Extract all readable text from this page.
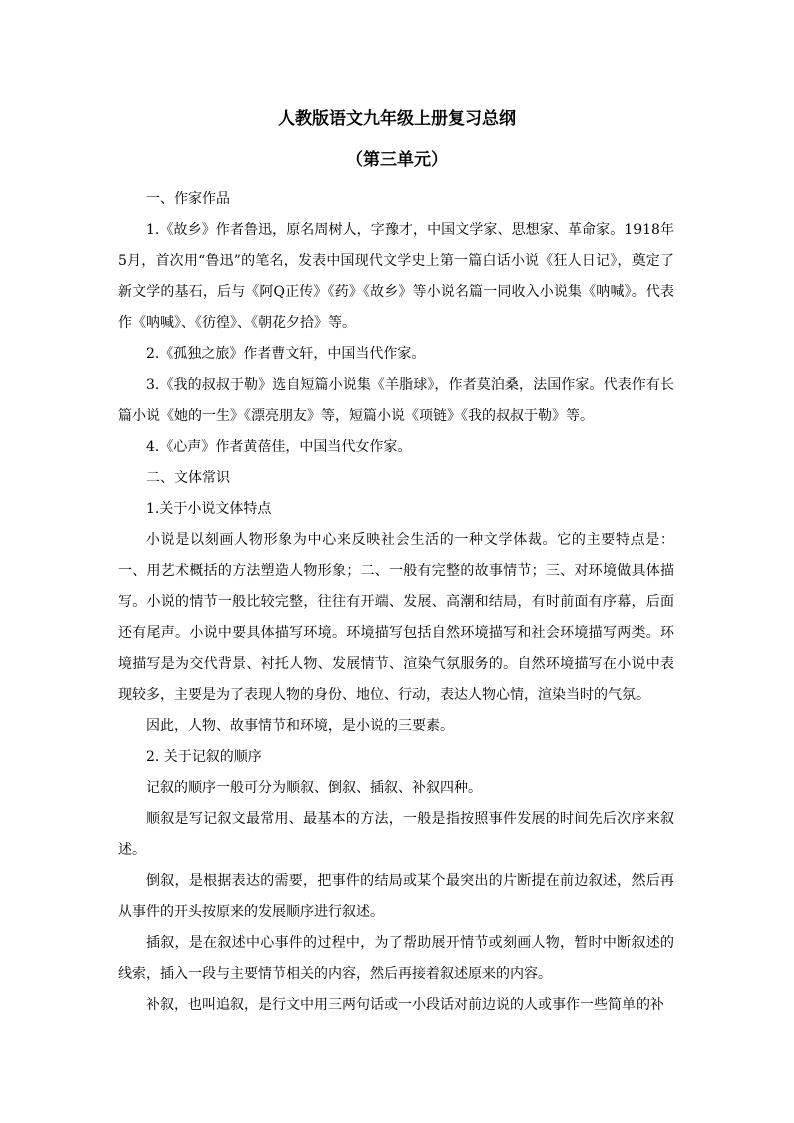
人教版语文九年级上册复习总纲
（第三单元）

一、作家作品

1.《故乡》作者鲁迅，原名周树人，字豫才，中国文学家、思想家、革命家。1918年5月，首次用“鲁迅”的笔名，发表中国现代文学史上第一篇白话小说《狂人日记》，奠定了新文学的基石，后与《阿Q正传》《药》《故乡》等小说名篇一同收入小说集《呐喊》。代表作《呐喊》、《彷徨》、《朝花夕拾》等。

2.《孤独之旅》作者曹文轩，中国当代作家。

3.《我的叔叔于勒》选自短篇小说集《羊脂球》，作者莫泊桑，法国作家。代表作有长篇小说《她的一生》《漂亮朋友》等，短篇小说《项链》《我的叔叔于勒》等。

4.《心声》作者黄蓓佳，中国当代女作家。

二、文体常识

1.关于小说文体特点

小说是以刻画人物形象为中心来反映社会生活的一种文学体裁。它的主要特点是：一、用艺术概括的方法塑造人物形象；二、一般有完整的故事情节；三、对环境做具体描写。小说的情节一般比较完整，往往有开端、发展、高潮和结局，有时前面有序幕，后面还有尾声。小说中要具体描写环境。环境描写包括自然环境描写和社会环境描写两类。环境描写是为交代背景、衬托人物、发展情节、渲染气氛服务的。自然环境描写在小说中表现较多，主要是为了表现人物的身份、地位、行动，表达人物心情，渲染当时的气氛。

因此，人物、故事情节和环境，是小说的三要素。

2. 关于记叙的顺序

记叙的顺序一般可分为顺叙、倒叙、插叙、补叙四种。

顺叙是写记叙文最常用、最基本的方法，一般是指按照事件发展的时间先后次序来叙述。

倒叙，是根据表达的需要，把事件的结局或某个最突出的片断提在前边叙述，然后再从事件的开头按原来的发展顺序进行叙述。

插叙，是在叙述中心事件的过程中，为了帮助展开情节或刻画人物，暂时中断叙述的线索，插入一段与主要情节相关的内容，然后再接着叙述原来的内容。

补叙，也叫追叙，是行文中用三两句话或一小段话对前边说的人或事作一些简单的补
